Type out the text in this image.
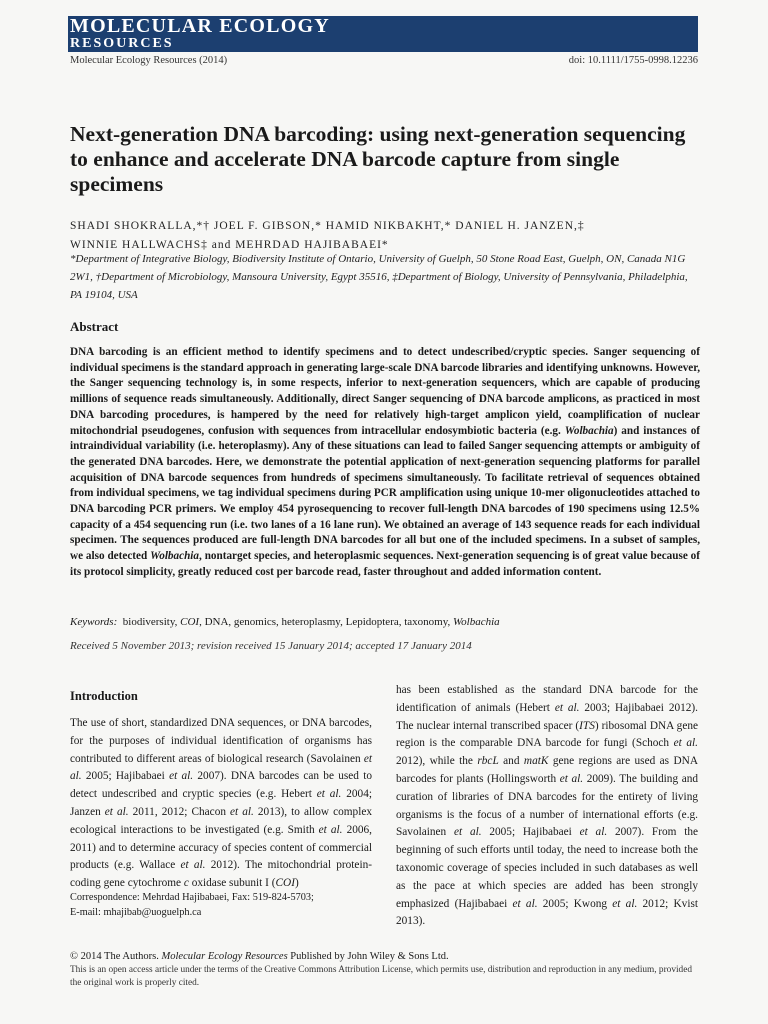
MOLECULAR ECOLOGY
RESOURCES
Molecular Ecology Resources (2014)	doi: 10.1111/1755-0998.12236
Next-generation DNA barcoding: using next-generation sequencing to enhance and accelerate DNA barcode capture from single specimens
SHADI SHOKRALLA,*† JOEL F. GIBSON,* HAMID NIKBAKHT,* DANIEL H. JANZEN,‡
WINNIE HALLWACHS‡ and MEHRDAD HAJIBABAEI*
*Department of Integrative Biology, Biodiversity Institute of Ontario, University of Guelph, 50 Stone Road East, Guelph, ON, Canada N1G 2W1, †Department of Microbiology, Mansoura University, Egypt 35516, ‡Department of Biology, University of Pennsylvania, Philadelphia, PA 19104, USA
Abstract

DNA barcoding is an efficient method to identify specimens and to detect undescribed/cryptic species. Sanger sequencing of individual specimens is the standard approach in generating large-scale DNA barcode libraries and identifying unknowns. However, the Sanger sequencing technology is, in some respects, inferior to next-generation sequencers, which are capable of producing millions of sequence reads simultaneously. Additionally, direct Sanger sequencing of DNA barcode amplicons, as practiced in most DNA barcoding procedures, is hampered by the need for relatively high-target amplicon yield, coamplification of nuclear mitochondrial pseudogenes, confusion with sequences from intracellular endosymbiotic bacteria (e.g. Wolbachia) and instances of intraindividual variability (i.e. heteroplasmy). Any of these situations can lead to failed Sanger sequencing attempts or ambiguity of the generated DNA barcodes. Here, we demonstrate the potential application of next-generation sequencing platforms for parallel acquisition of DNA barcode sequences from hundreds of specimens simultaneously. To facilitate retrieval of sequences obtained from individual specimens, we tag individual specimens during PCR amplification using unique 10-mer oligonucleotides attached to DNA barcoding PCR primers. We employ 454 pyrosequencing to recover full-length DNA barcodes of 190 specimens using 12.5% capacity of a 454 sequencing run (i.e. two lanes of a 16 lane run). We obtained an average of 143 sequence reads for each individual specimen. The sequences produced are full-length DNA barcodes for all but one of the included specimens. In a subset of samples, we also detected Wolbachia, nontarget species, and heteroplasmic sequences. Next-generation sequencing is of great value because of its protocol simplicity, greatly reduced cost per barcode read, faster throughout and added information content.

Keywords: biodiversity, COI, DNA, genomics, heteroplasmy, Lepidoptera, taxonomy, Wolbachia
Received 5 November 2013; revision received 15 January 2014; accepted 17 January 2014
Introduction

The use of short, standardized DNA sequences, or DNA barcodes, for the purposes of individual identification of organisms has contributed to different areas of biological research (Savolainen et al. 2005; Hajibabaei et al. 2007). DNA barcodes can be used to detect undescribed and cryptic species (e.g. Hebert et al. 2004; Janzen et al. 2011, 2012; Chacon et al. 2013), to allow complex ecological interactions to be investigated (e.g. Smith et al. 2006, 2011) and to determine accuracy of species content of commercial products (e.g. Wallace et al. 2012). The mitochondrial protein-coding gene cytochrome c oxidase subunit I (COI)

Correspondence: Mehrdad Hajibabaei, Fax: 519-824-5703;
E-mail: mhajibab@uoguelph.ca

has been established as the standard DNA barcode for the identification of animals (Hebert et al. 2003; Hajibabaei 2012). The nuclear internal transcribed spacer (ITS) ribosomal DNA gene region is the comparable DNA barcode for fungi (Schoch et al. 2012), while the rbcL and matK gene regions are used as DNA barcodes for plants (Hollingsworth et al. 2009). The building and curation of libraries of DNA barcodes for the entirety of living organisms is the focus of a number of international efforts (e.g. Savolainen et al. 2005; Hajibabaei et al. 2007). From the beginning of such efforts until today, the need to increase both the taxonomic coverage of species included in such databases as well as the pace at which species are added has been strongly emphasized (Hajibabaei et al. 2005; Kwong et al. 2012; Kvist 2013).

© 2014 The Authors. Molecular Ecology Resources Published by John Wiley & Sons Ltd.
This is an open access article under the terms of the Creative Commons Attribution License, which permits use, distribution and reproduction in any medium, provided the original work is properly cited.
